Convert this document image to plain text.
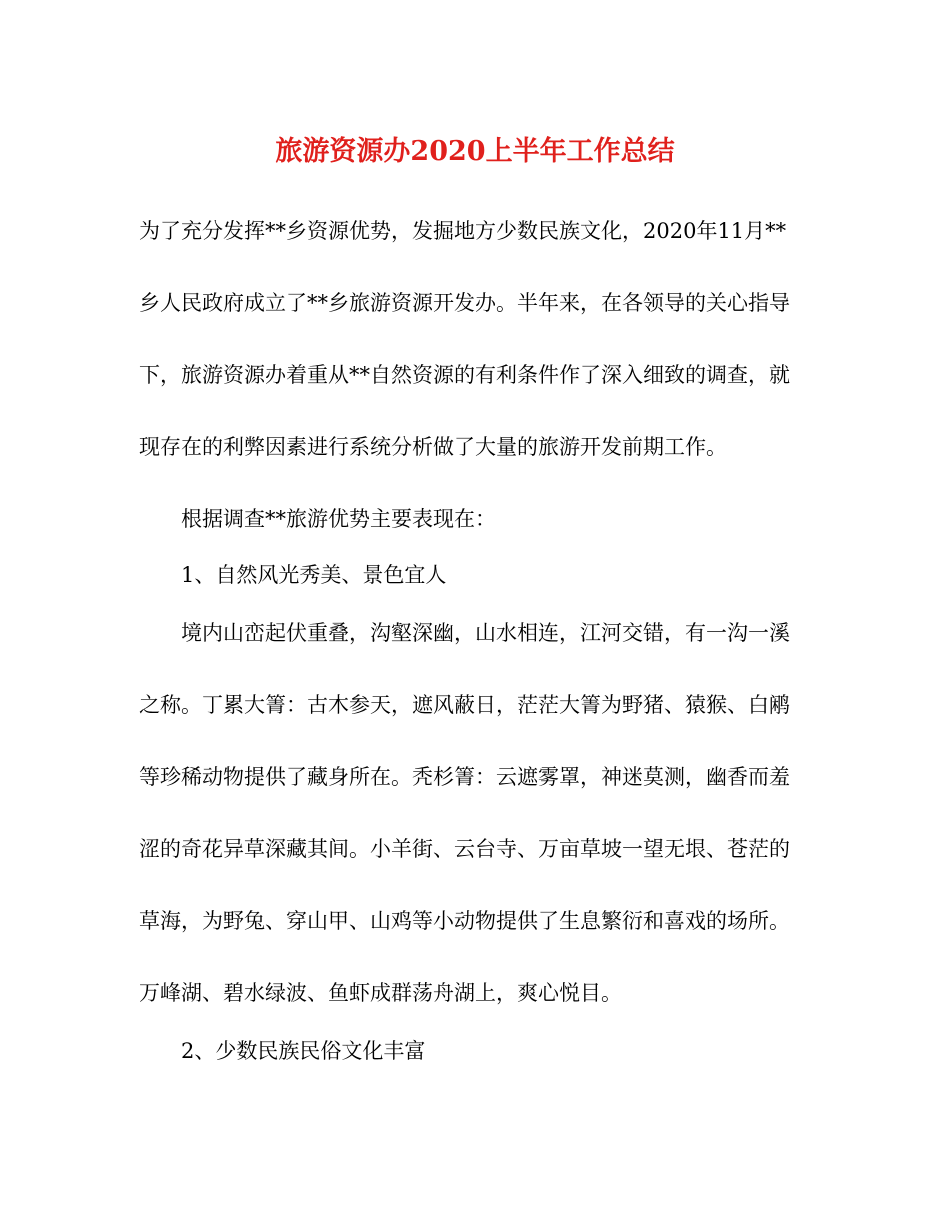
旅游资源办2020上半年工作总结
为了充分发挥**乡资源优势，发掘地方少数民族文化，2020年11月**
乡人民政府成立了**乡旅游资源开发办。半年来，在各领导的关心指导
下，旅游资源办着重从**自然资源的有利条件作了深入细致的调查，就
现存在的利弊因素进行系统分析做了大量的旅游开发前期工作。
根据调查**旅游优势主要表现在：
1、自然风光秀美、景色宜人
境内山峦起伏重叠，沟壑深幽，山水相连，江河交错，有一沟一溪
之称。丁累大箐：古木参天，遮风蔽日，茫茫大箐为野猪、猿猴、白鹇
等珍稀动物提供了藏身所在。秃杉箐：云遮雾罩，神迷莫测，幽香而羞
涩的奇花异草深藏其间。小羊街、云台寺、万亩草坡一望无垠、苍茫的
草海，为野兔、穿山甲、山鸡等小动物提供了生息繁衍和喜戏的场所。
万峰湖、碧水绿波、鱼虾成群荡舟湖上，爽心悦目。
2、少数民族民俗文化丰富
